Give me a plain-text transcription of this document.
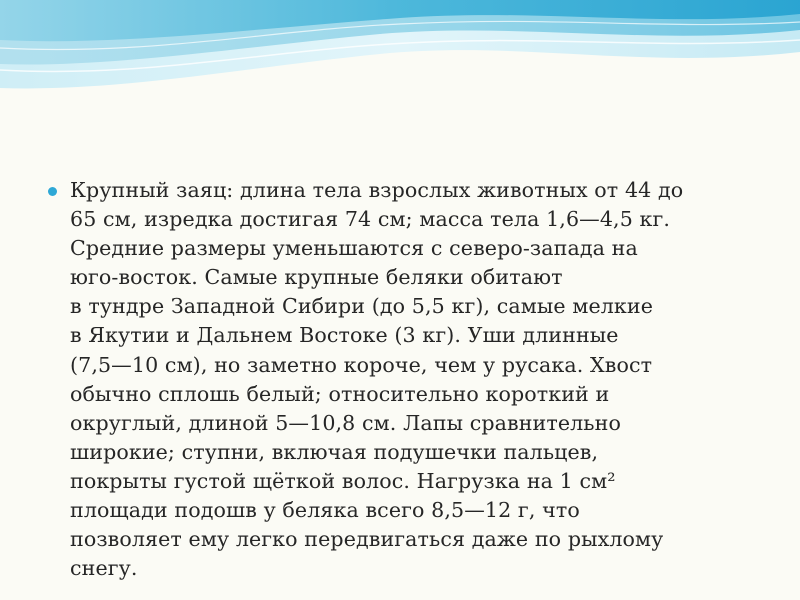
Крупный заяц: длина тела взрослых животных от 44 до
65 см, изредка достигая 74 см; масса тела 1,6—4,5 кг.
Средние размеры уменьшаются с северо-запада на
юго-восток. Самые крупные беляки обитают
в тундре Западной Сибири (до 5,5 кг), самые мелкие
в Якутии и Дальнем Востоке (3 кг). Уши длинные
(7,5—10 см), но заметно короче, чем у русака. Хвост
обычно сплошь белый; относительно короткий и
округлый, длиной 5—10,8 см. Лапы сравнительно
широкие; ступни, включая подушечки пальцев,
покрыты густой щёткой волос. Нагрузка на 1 см²
площади подошв у беляка всего 8,5—12 г, что
позволяет ему легко передвигаться даже по рыхлому
снегу.
